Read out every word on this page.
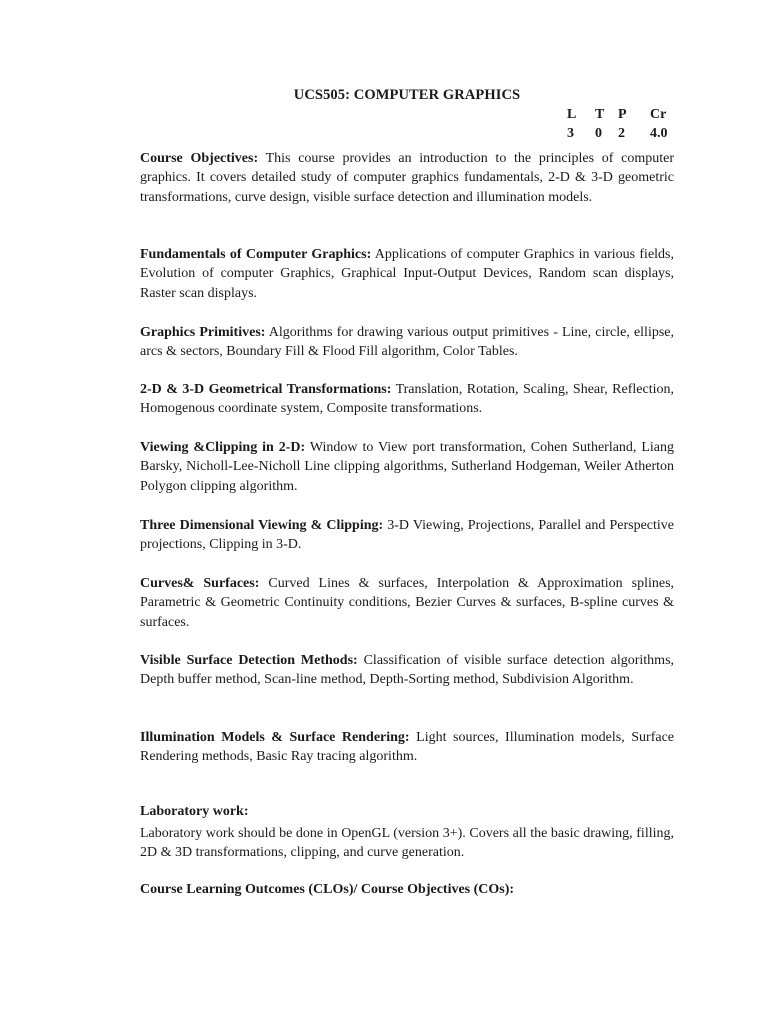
UCS505: COMPUTER GRAPHICS
L T P Cr
3 0 2 4.0
Course Objectives: This course provides an introduction to the principles of computer graphics. It covers detailed study of computer graphics fundamentals, 2-D & 3-D geometric transformations, curve design, visible surface detection and illumination models.
Fundamentals of Computer Graphics: Applications of computer Graphics in various fields, Evolution of computer Graphics, Graphical Input-Output Devices, Random scan displays, Raster scan displays.
Graphics Primitives: Algorithms for drawing various output primitives - Line, circle, ellipse, arcs & sectors, Boundary Fill & Flood Fill algorithm, Color Tables.
2-D & 3-D Geometrical Transformations: Translation, Rotation, Scaling, Shear, Reflection, Homogenous coordinate system, Composite transformations.
Viewing &Clipping in 2-D: Window to View port transformation, Cohen Sutherland, Liang Barsky, Nicholl-Lee-Nicholl Line clipping algorithms, Sutherland Hodgeman, Weiler Atherton Polygon clipping algorithm.
Three Dimensional Viewing & Clipping: 3-D Viewing, Projections, Parallel and Perspective projections, Clipping in 3-D.
Curves& Surfaces: Curved Lines & surfaces, Interpolation & Approximation splines, Parametric & Geometric Continuity conditions, Bezier Curves & surfaces, B-spline curves & surfaces.
Visible Surface Detection Methods: Classification of visible surface detection algorithms, Depth buffer method, Scan-line method, Depth-Sorting method, Subdivision Algorithm.
Illumination Models & Surface Rendering: Light sources, Illumination models, Surface Rendering methods, Basic Ray tracing algorithm.
Laboratory work:
Laboratory work should be done in OpenGL (version 3+). Covers all the basic drawing, filling, 2D & 3D transformations, clipping, and curve generation.
Course Learning Outcomes (CLOs)/ Course Objectives (COs):
